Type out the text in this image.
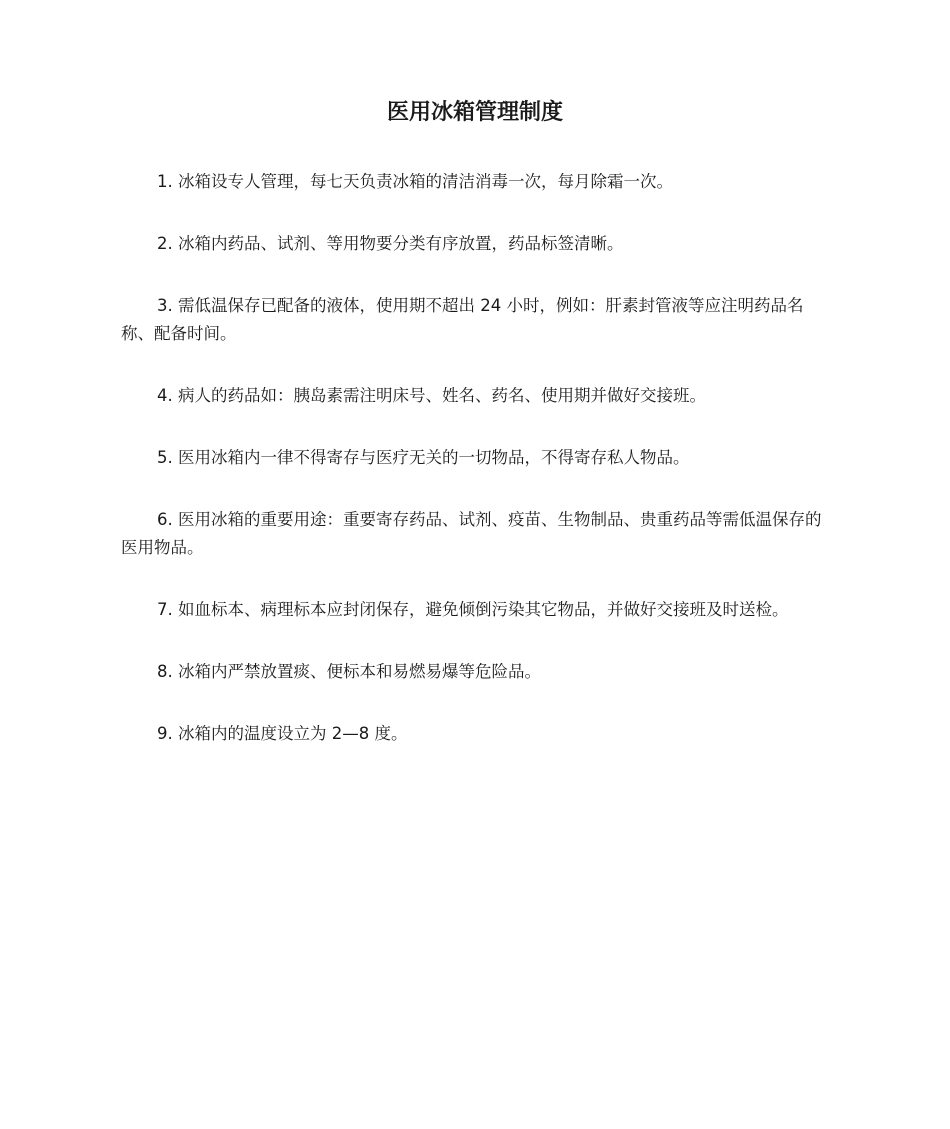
医用冰箱管理制度

1. 冰箱设专人管理，每七天负责冰箱的清洁消毒一次，每月除霜一次。

2. 冰箱内药品、试剂、等用物要分类有序放置，药品标签清晰。

3. 需低温保存已配备的液体，使用期不超出 24 小时，例如：肝素封管液等应注明药品名称、配备时间。

4. 病人的药品如：胰岛素需注明床号、姓名、药名、使用期并做好交接班。

5. 医用冰箱内一律不得寄存与医疗无关的一切物品，不得寄存私人物品。

6. 医用冰箱的重要用途：重要寄存药品、试剂、疫苗、生物制品、贵重药品等需低温保存的医用物品。

7. 如血标本、病理标本应封闭保存，避免倾倒污染其它物品，并做好交接班及时送检。

8. 冰箱内严禁放置痰、便标本和易燃易爆等危险品。

9. 冰箱内的温度设立为 2—8 度。
